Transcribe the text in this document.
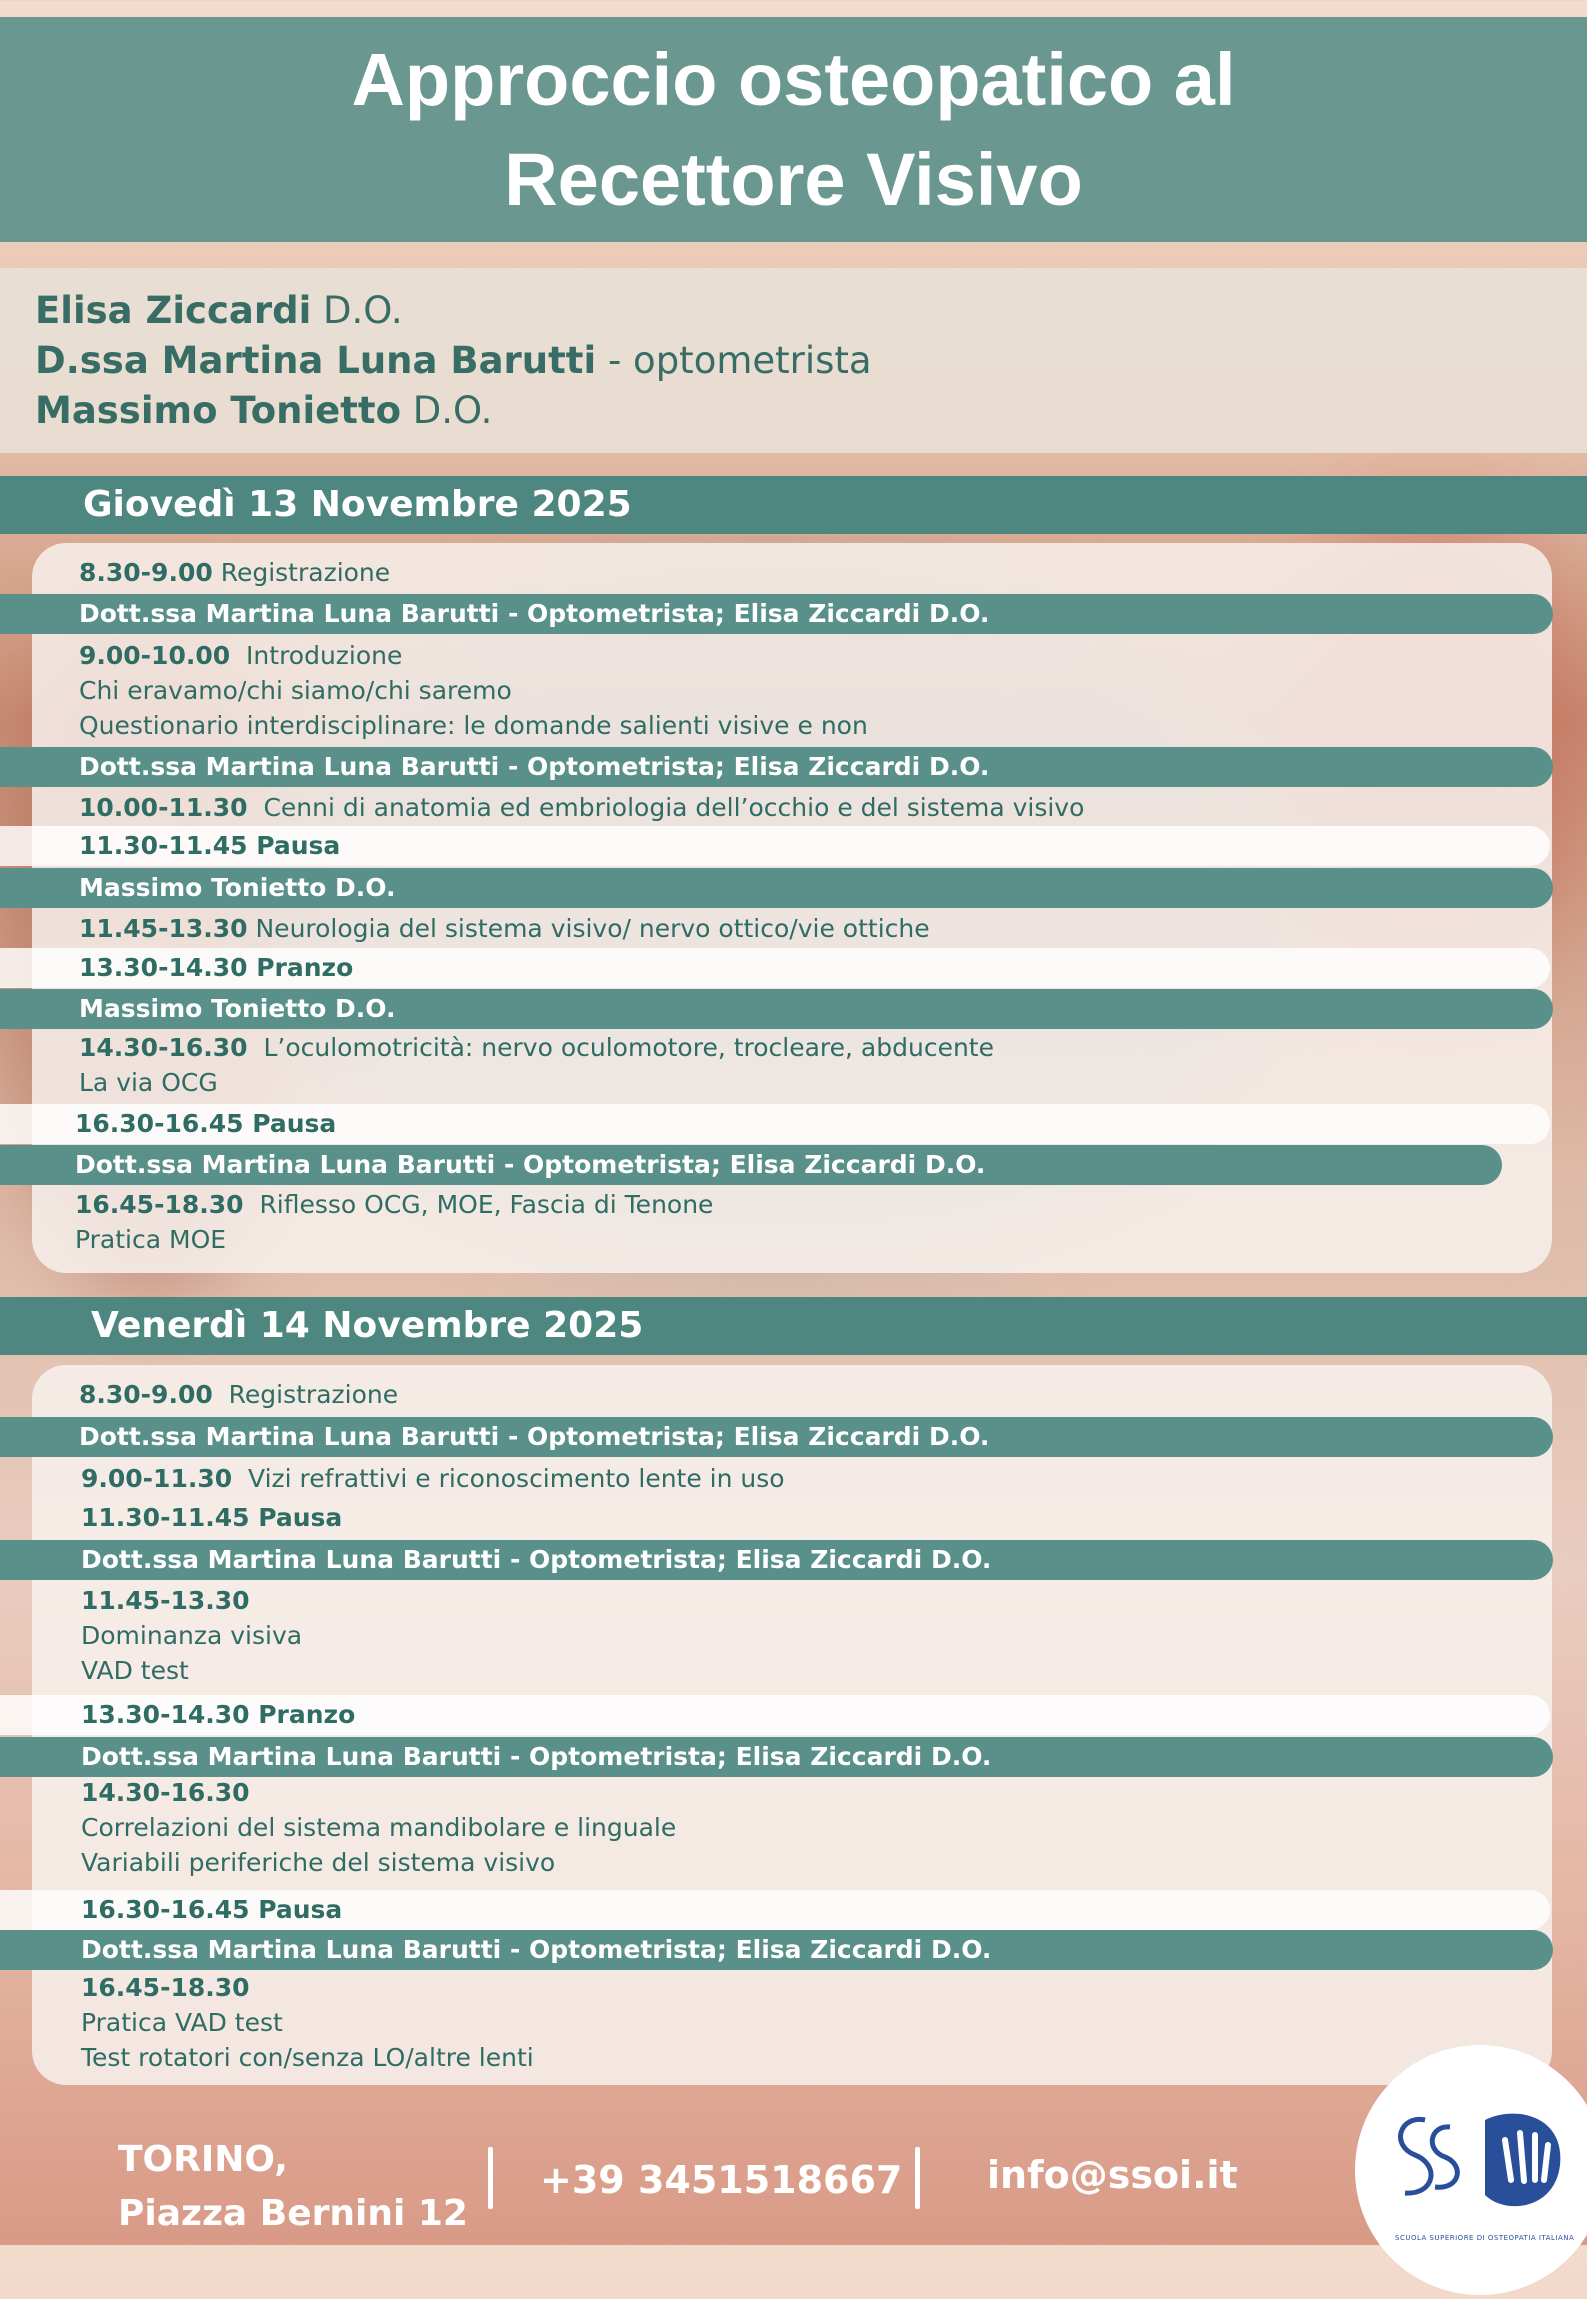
Approccio osteopatico al
Recettore Visivo
Elisa Ziccardi D.O.
D.ssa Martina Luna Barutti - optometrista
Massimo Tonietto D.O.
Giovedì 13 Novembre 2025
8.30-9.00 Registrazione
Dott.ssa Martina Luna Barutti - Optometrista; Elisa Ziccardi D.O.
9.00-10.00 Introduzione
Chi eravamo/chi siamo/chi saremo
Questionario interdisciplinare: le domande salienti visive e non
Dott.ssa Martina Luna Barutti - Optometrista; Elisa Ziccardi D.O.
10.00-11.30 Cenni di anatomia ed embriologia dell’occhio e del sistema visivo
11.30-11.45 Pausa
Massimo Tonietto D.O.
11.45-13.30 Neurologia del sistema visivo/ nervo ottico/vie ottiche
13.30-14.30 Pranzo
Massimo Tonietto D.O.
14.30-16.30 L’oculomotricità: nervo oculomotore, trocleare, abducente
La via OCG
16.30-16.45 Pausa
Dott.ssa Martina Luna Barutti - Optometrista; Elisa Ziccardi D.O.
16.45-18.30 Riflesso OCG, MOE, Fascia di Tenone
Pratica MOE
Venerdì 14 Novembre 2025
8.30-9.00 Registrazione
Dott.ssa Martina Luna Barutti - Optometrista; Elisa Ziccardi D.O.
9.00-11.30 Vizi refrattivi e riconoscimento lente in uso
11.30-11.45 Pausa
Dott.ssa Martina Luna Barutti - Optometrista; Elisa Ziccardi D.O.
11.45-13.30
Dominanza visiva
VAD test
13.30-14.30 Pranzo
Dott.ssa Martina Luna Barutti - Optometrista; Elisa Ziccardi D.O.
14.30-16.30
Correlazioni del sistema mandibolare e linguale
Variabili periferiche del sistema visivo
16.30-16.45 Pausa
Dott.ssa Martina Luna Barutti - Optometrista; Elisa Ziccardi D.O.
16.45-18.30
Pratica VAD test
Test rotatori con/senza LO/altre lenti
TORINO,
Piazza Bernini 12
+39 3451518667 info@ssoi.it
SCUOLA SUPERIORE DI OSTEOPATIA ITALIANA
